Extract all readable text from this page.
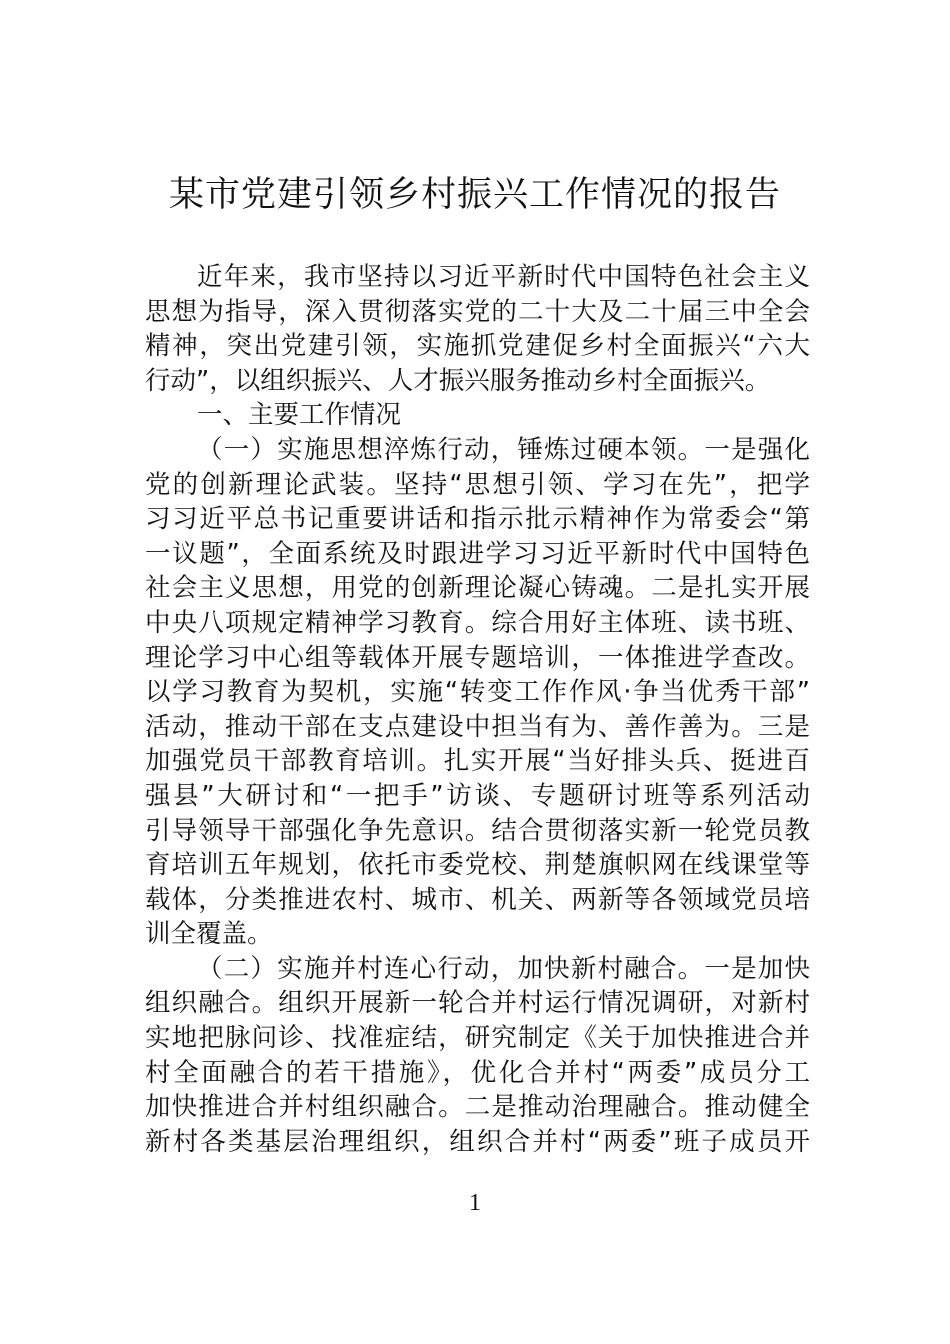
某市党建引领乡村振兴工作情况的报告
近年来，我市坚持以习近平新时代中国特色社会主义
思想为指导，深入贯彻落实党的二十大及二十届三中全会
精神，突出党建引领，实施抓党建促乡村全面振兴“六大
行动”，以组织振兴、人才振兴服务推动乡村全面振兴。
一、主要工作情况
（一）实施思想淬炼行动，锤炼过硬本领。一是强化
党的创新理论武装。坚持“思想引领、学习在先”，把学
习习近平总书记重要讲话和指示批示精神作为常委会“第
一议题”，全面系统及时跟进学习习近平新时代中国特色
社会主义思想，用党的创新理论凝心铸魂。二是扎实开展
中央八项规定精神学习教育。综合用好主体班、读书班、
理论学习中心组等载体开展专题培训，一体推进学查改。
以学习教育为契机，实施“转变工作作风·争当优秀干部”
活动，推动干部在支点建设中担当有为、善作善为。三是
加强党员干部教育培训。扎实开展“当好排头兵、挺进百
强县”大研讨和“一把手”访谈、专题研讨班等系列活动
引导领导干部强化争先意识。结合贯彻落实新一轮党员教
育培训五年规划，依托市委党校、荆楚旗帜网在线课堂等
载体，分类推进农村、城市、机关、两新等各领域党员培
训全覆盖。
（二）实施并村连心行动，加快新村融合。一是加快
组织融合。组织开展新一轮合并村运行情况调研，对新村
实地把脉问诊、找准症结，研究制定《关于加快推进合并
村全面融合的若干措施》，优化合并村“两委”成员分工
加快推进合并村组织融合。二是推动治理融合。推动健全
新村各类基层治理组织，组织合并村“两委”班子成员开
1
